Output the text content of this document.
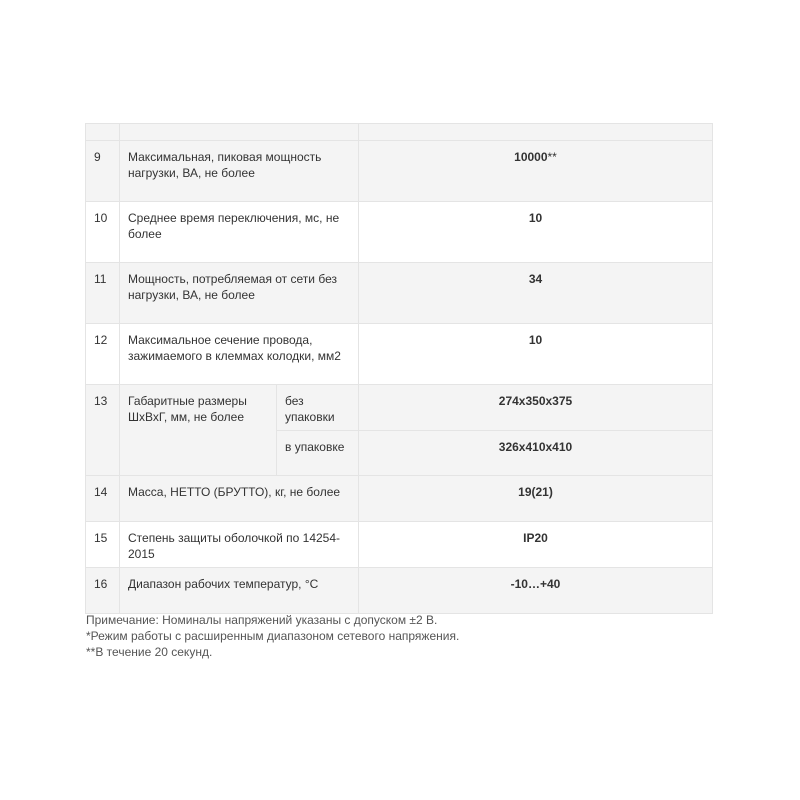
9	Максимальная, пиковая мощность нагрузки, ВА, не более		10000**
10	Среднее время переключения, мс, не более		10
11	Мощность, потребляемая от сети без нагрузки, ВА, не более		34
12	Максимальное сечение провода, зажимаемого в клеммах колодки, мм2		10
13	Габаритные размеры ШхВхГ, мм, не более	без упаковки	274х350х375
		в упаковке	326х410х410
14	Масса, НЕТТО (БРУТТО), кг, не более		19(21)
15	Степень защиты оболочкой по 14254-2015		IP20
16	Диапазон рабочих температур, °С		-10…+40
Примечание: Номиналы напряжений указаны с допуском ±2 В.
*Режим работы с расширенным диапазоном сетевого напряжения.
**В течение 20 секунд.
